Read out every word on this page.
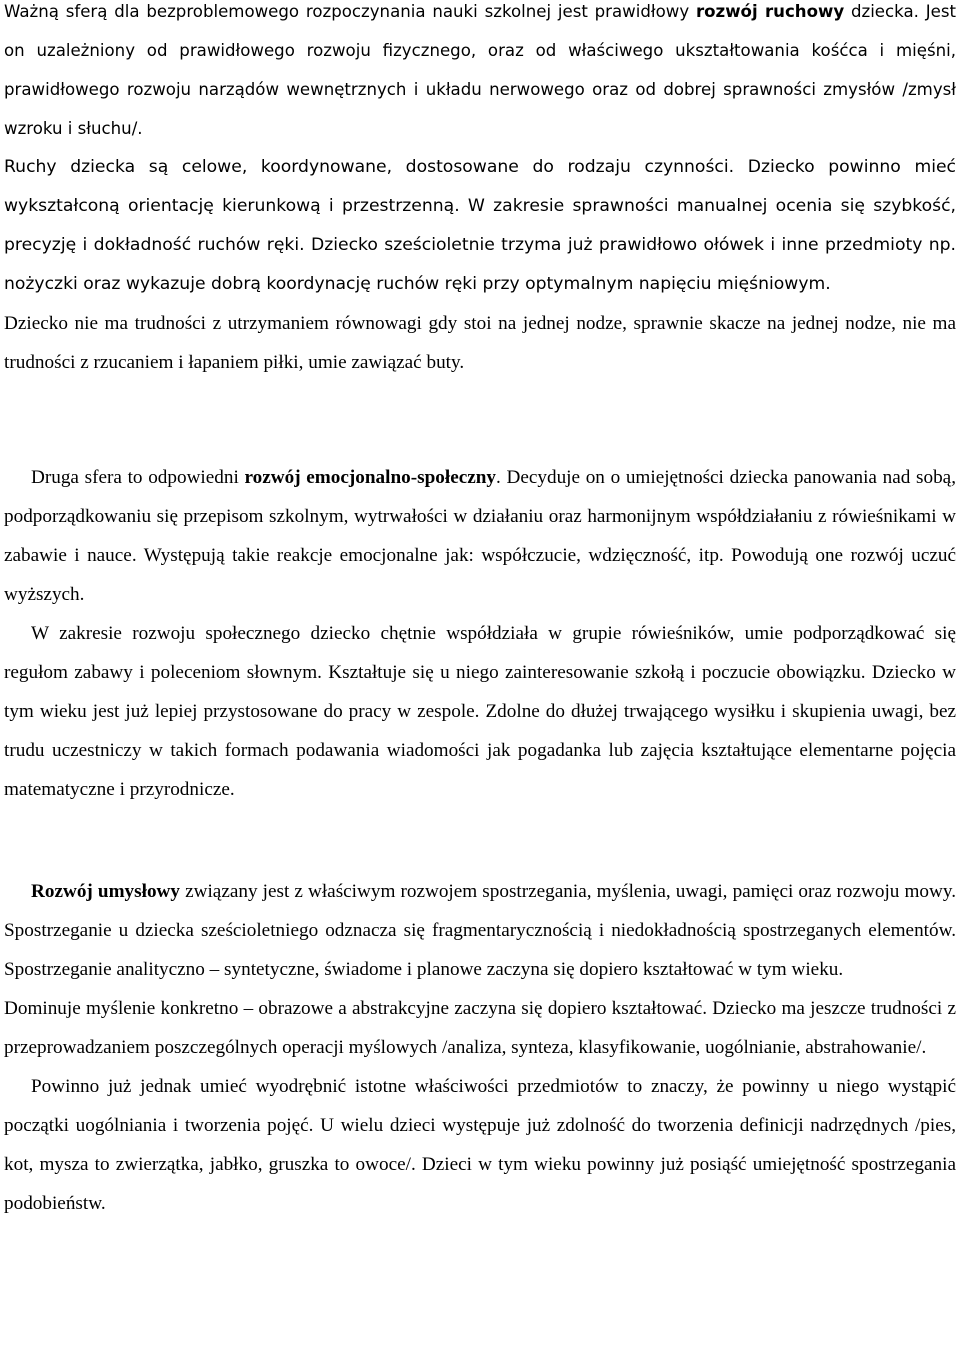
Ważną sferą dla bezproblemowego rozpoczynania nauki szkolnej jest prawidłowy rozwój ruchowy dziecka. Jest on uzależniony od prawidłowego rozwoju fizycznego, oraz od właściwego ukształtowania kośćca i mięśni, prawidłowego rozwoju narządów wewnętrznych i układu nerwowego oraz od dobrej sprawności zmysłów /zmysł wzroku i słuchu/.

Ruchy dziecka są celowe, koordynowane, dostosowane do rodzaju czynności. Dziecko powinno mieć wykształconą orientację kierunkową i przestrzenną. W zakresie sprawności manualnej ocenia się szybkość, precyzję i dokładność ruchów ręki. Dziecko sześcioletnie trzyma już prawidłowo ołówek i inne przedmioty np. nożyczki oraz wykazuje dobrą koordynację ruchów ręki przy optymalnym napięciu mięśniowym.

Dziecko nie ma trudności z utrzymaniem równowagi gdy stoi na jednej nodze, sprawnie skacze na jednej nodze, nie ma trudności z rzucaniem i łapaniem piłki, umie zawiązać buty.

Druga sfera to odpowiedni rozwój emocjonalno-społeczny. Decyduje on o umiejętności dziecka panowania nad sobą, podporządkowaniu się przepisom szkolnym, wytrwałości w działaniu oraz harmonijnym współdziałaniu z rówieśnikami w zabawie i nauce. Występują takie reakcje emocjonalne jak: współczucie, wdzięczność, itp. Powodują one rozwój uczuć wyższych.

W zakresie rozwoju społecznego dziecko chętnie współdziała w grupie rówieśników, umie podporządkować się regułom zabawy i poleceniom słownym. Kształtuje się u niego zainteresowanie szkołą i poczucie obowiązku. Dziecko w tym wieku jest już lepiej przystosowane do pracy w zespole. Zdolne do dłużej trwającego wysiłku i skupienia uwagi, bez trudu uczestniczy w takich formach podawania wiadomości jak pogadanka lub zajęcia kształtujące elementarne pojęcia matematyczne i przyrodnicze.

Rozwój umysłowy związany jest z właściwym rozwojem spostrzegania, myślenia, uwagi, pamięci oraz rozwoju mowy. Spostrzeganie u dziecka sześcioletniego odznacza się fragmentarycznością i niedokładnością spostrzeganych elementów. Spostrzeganie analityczno – syntetyczne, świadome i planowe zaczyna się dopiero kształtować w tym wieku.

Dominuje myślenie konkretno – obrazowe a abstrakcyjne zaczyna się dopiero kształtować. Dziecko ma jeszcze trudności z przeprowadzaniem poszczególnych operacji myślowych /analiza, synteza, klasyfikowanie, uogólnianie, abstrahowanie/.

Powinno już jednak umieć wyodrębnić istotne właściwości przedmiotów to znaczy, że powinny u niego wystąpić początki uogólniania i tworzenia pojęć. U wielu dzieci występuje już zdolność do tworzenia definicji nadrzędnych /pies, kot, mysza to zwierzątka, jabłko, gruszka to owoce/. Dzieci w tym wieku powinny już posiąść umiejętność spostrzegania podobieństw.
